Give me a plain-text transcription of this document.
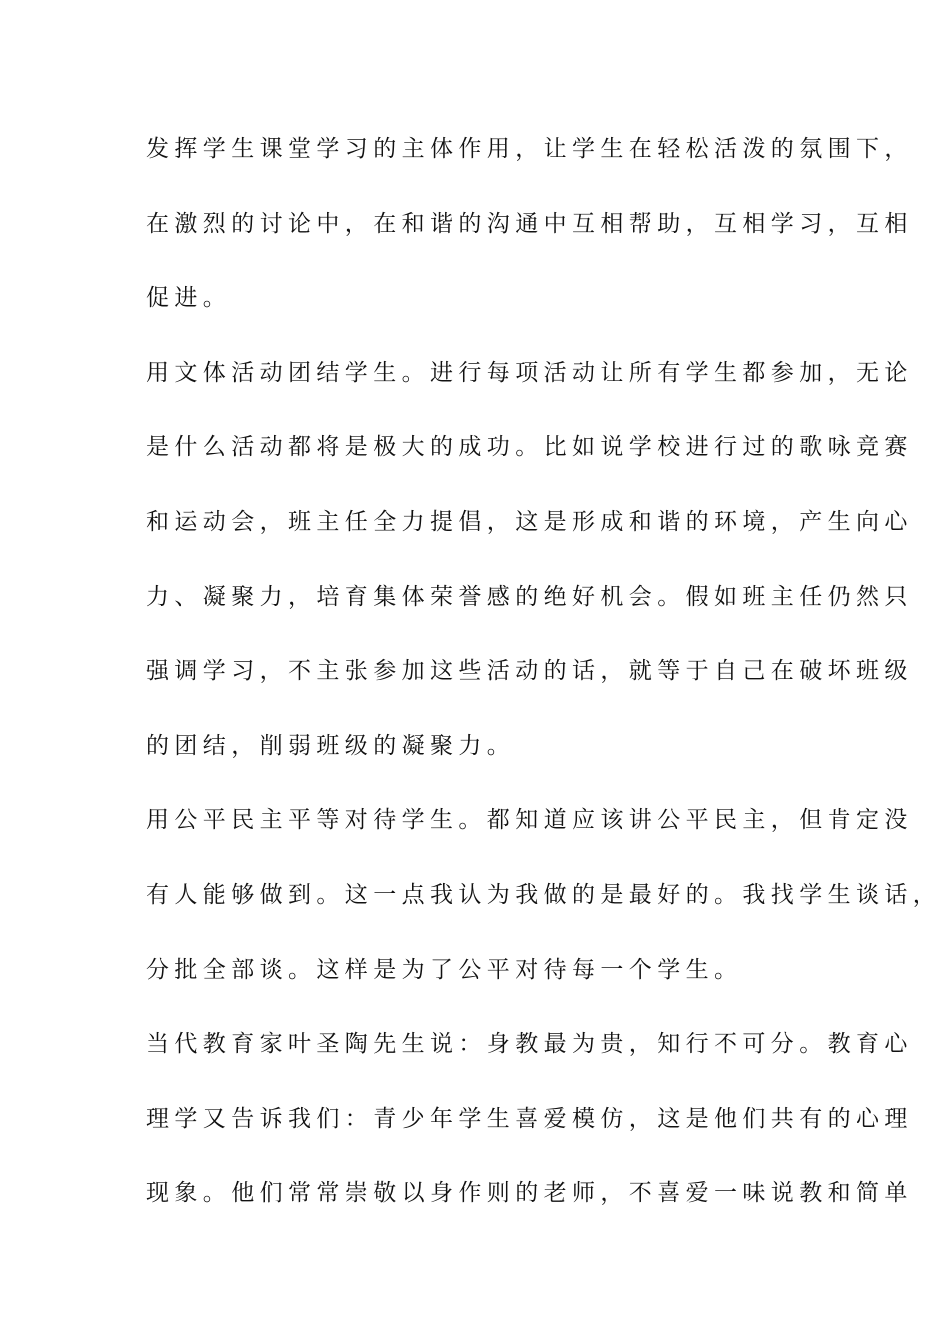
发挥学生课堂学习的主体作用，让学生在轻松活泼的氛围下，
在激烈的讨论中，在和谐的沟通中互相帮助，互相学习，互相
促进。
用文体活动团结学生。进行每项活动让所有学生都参加，无论
是什么活动都将是极大的成功。比如说学校进行过的歌咏竞赛
和运动会，班主任全力提倡，这是形成和谐的环境，产生向心
力、凝聚力，培育集体荣誉感的绝好机会。假如班主任仍然只
强调学习，不主张参加这些活动的话，就等于自己在破坏班级
的团结，削弱班级的凝聚力。
用公平民主平等对待学生。都知道应该讲公平民主，但肯定没
有人能够做到。这一点我认为我做的是最好的。我找学生谈话，
分批全部谈。这样是为了公平对待每一个学生。
当代教育家叶圣陶先生说：身教最为贵，知行不可分。教育心
理学又告诉我们：青少年学生喜爱模仿，这是他们共有的心理
现象。他们常常崇敬以身作则的老师，不喜爱一味说教和简单
